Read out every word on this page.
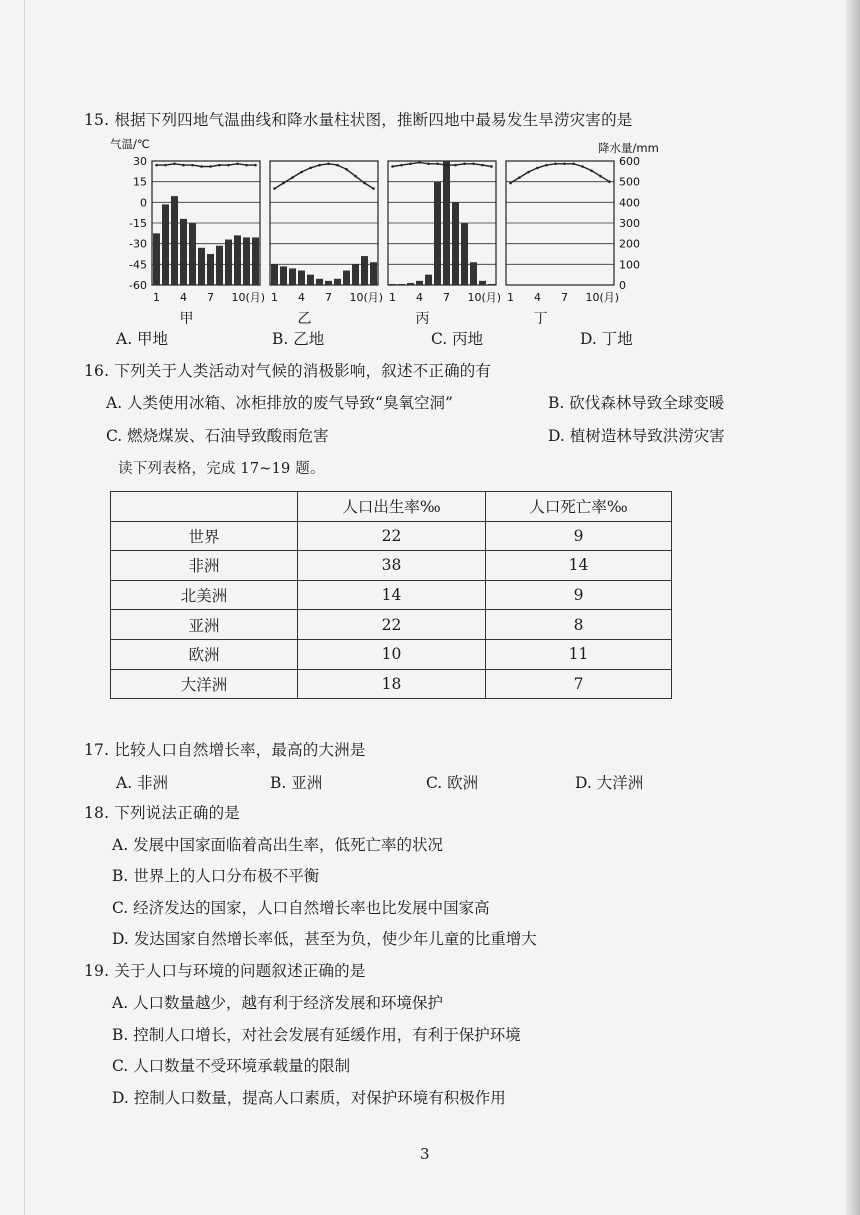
15. 根据下列四地气温曲线和降水量柱状图，推断四地中最易发生旱涝灾害的是
气温/℃	降水量/mm
30
15
0
-15
-30
-45
-60
600
500
400
300
200
100
0
1 4 7 10(月)
甲
1 4 7 10(月)
乙
1 4 7 10(月)
丙
1 4 7 10(月)
丁
A. 甲地	B. 乙地	C. 丙地	D. 丁地
16. 下列关于人类活动对气候的消极影响，叙述不正确的有
A. 人类使用冰箱、冰柜排放的废气导致“臭氧空洞”	B. 砍伐森林导致全球变暖
C. 燃烧煤炭、石油导致酸雨危害	D. 植树造林导致洪涝灾害
读下列表格，完成 17~19 题。
	人口出生率‰	人口死亡率‰
世界	22	9
非洲	38	14
北美洲	14	9
亚洲	22	8
欧洲	10	11
大洋洲	18	7
17. 比较人口自然增长率，最高的大洲是
A. 非洲	B. 亚洲	C. 欧洲	D. 大洋洲
18. 下列说法正确的是
A. 发展中国家面临着高出生率，低死亡率的状况
B. 世界上的人口分布极不平衡
C. 经济发达的国家，人口自然增长率也比发展中国家高
D. 发达国家自然增长率低，甚至为负，使少年儿童的比重增大
19. 关于人口与环境的问题叙述正确的是
A. 人口数量越少，越有利于经济发展和环境保护
B. 控制人口增长，对社会发展有延缓作用，有利于保护环境
C. 人口数量不受环境承载量的限制
D. 控制人口数量，提高人口素质，对保护环境有积极作用
3
